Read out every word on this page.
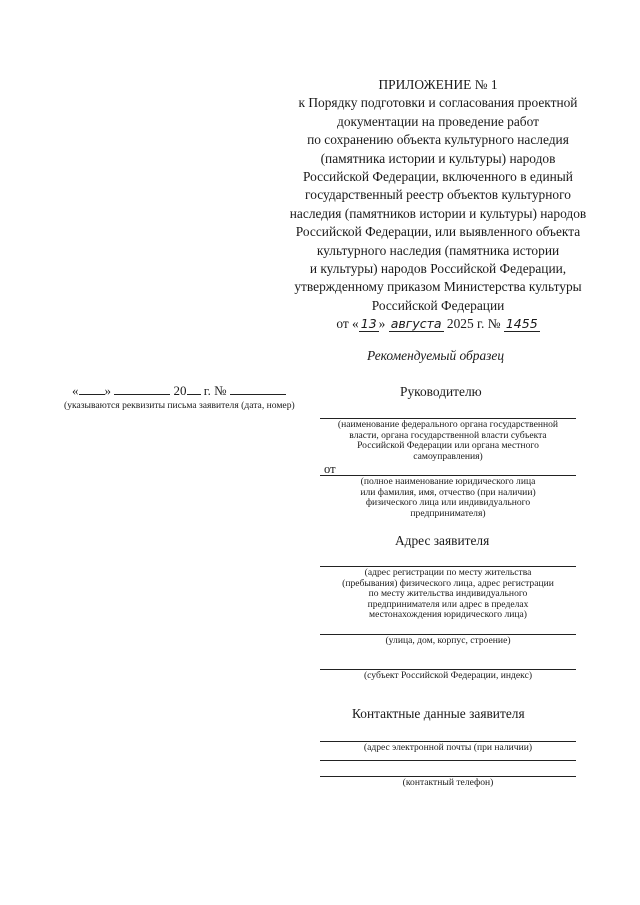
ПРИЛОЖЕНИЕ № 1
к Порядку подготовки и согласования проектной
документации на проведение работ
по сохранению объекта культурного наследия
(памятника истории и культуры) народов
Российской Федерации, включенного в единый
государственный реестр объектов культурного
наследия (памятников истории и культуры) народов
Российской Федерации, или выявленного объекта
культурного наследия (памятника истории
и культуры) народов Российской Федерации,
утвержденному приказом Министерства культуры
Российской Федерации
от « 13 » августа 2025 г. № 1455
Рекомендуемый образец
« »	20 г. №
(указываются реквизиты письма заявителя (дата, номер)
Руководителю
(наименование федерального органа государственной
власти, органа государственной власти субъекта
Российской Федерации или органа местного
самоуправления)
от
(полное наименование юридического лица
или фамилия, имя, отчество (при наличии)
физического лица или индивидуального
предпринимателя)
Адрес заявителя
(адрес регистрации по месту жительства
(пребывания) физического лица, адрес регистрации
по месту жительства индивидуального
предпринимателя или адрес в пределах
местонахождения юридического лица)
(улица, дом, корпус, строение)
(субъект Российской Федерации, индекс)
Контактные данные заявителя
(адрес электронной почты (при наличии)
(контактный телефон)
